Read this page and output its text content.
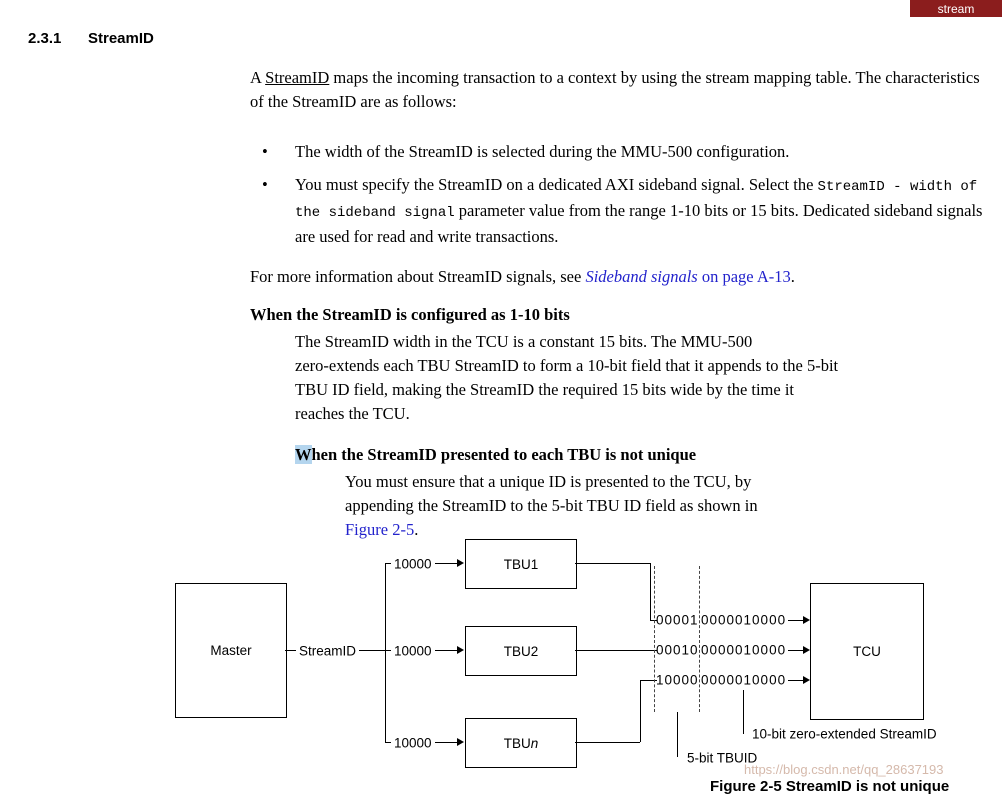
stream
2.3.1 StreamID
A StreamID maps the incoming transaction to a context by using the stream mapping table. The characteristics of the StreamID are as follows:
• The width of the StreamID is selected during the MMU-500 configuration.
• You must specify the StreamID on a dedicated AXI sideband signal. Select the StreamID - width of the sideband signal parameter value from the range 1-10 bits or 15 bits. Dedicated sideband signals are used for read and write transactions.
For more information about StreamID signals, see Sideband signals on page A-13.
When the StreamID is configured as 1-10 bits
The StreamID width in the TCU is a constant 15 bits. The MMU-500
zero-extends each TBU StreamID to form a 10-bit field that it appends to the 5-bit
TBU ID field, making the StreamID the required 15 bits wide by the time it
reaches the TCU.
When the StreamID presented to each TBU is not unique
You must ensure that a unique ID is presented to the TCU, by
appending the StreamID to the 5-bit TBU ID field as shown in
Figure 2-5.
Master
TBU1
TBU2
TBUn
TCU
StreamID
10000
10000
10000
00001 0000010000
00010 0000010000
10000 0000010000
10-bit zero-extended StreamID
5-bit TBUID
https://blog.csdn.net/qq_28637193
Figure 2-5 StreamID is not unique
